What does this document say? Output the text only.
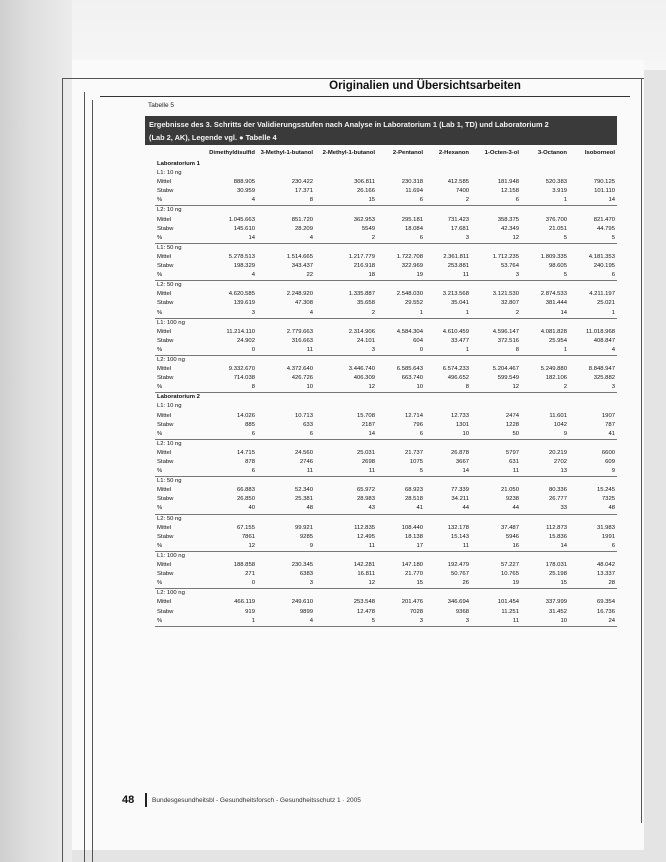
Originalien und Übersichtsarbeiten
Tabelle 5
Ergebnisse des 3. Schritts der Validierungsstufen nach Analyse in Laboratorium 1 (Lab 1, TD) und Laboratorium 2
(Lab 2, AK), Legende vgl. ● Tabelle 4
	Dimethyldisulfid	3-Methyl-1-butanol	2-Methyl-1-butanol	2-Pentanol	2-Hexanon	1-Octen-3-ol	3-Octanon	Isoborneol
Laboratorium 1								
L1: 10 ng								
Mittel	888.905	230.422	306.811	230.318	412.585	181.948	520.383	790.125
Stabw	30.959	17.371	26.166	11.694	7400	12.158	3.919	101.110
%	4	8	15	6	2	6	1	14
L2: 10 ng								
Mittel	1.045.663	851.720	362.953	295.181	731.423	358.375	376.700	821.470
Stabw	145.610	28.209	5549	18.084	17.681	42.349	21.051	44.795
%	14	4	2	6	3	12	5	5
L1: 50 ng								
Mittel	5.278.513	1.514.665	1.217.779	1.722.708	2.361.811	1.712.235	1.809.335	4.181.353
Stabw	198.329	343.437	216.918	322.969	253.881	53.764	98.605	240.195
%	4	22	18	19	11	3	5	6
L2: 50 ng								
Mittel	4.620.585	2.248.920	1.335.887	2.548.030	3.213.568	3.121.530	2.874.533	4.211.197
Stabw	139.619	47.308	35.658	29.552	35.041	32.807	381.444	25.021
%	3	4	2	1	1	2	14	1
L1: 100 ng								
Mittel	11.214.110	2.779.663	2.314.906	4.584.304	4.610.459	4.596.147	4.081.828	11.018.968
Stabw	24.902	316.663	24.101	604	33.477	372.516	25.954	408.847
%	0	11	3	0	1	8	1	4
L2: 100 ng								
Mittel	9.332.670	4.372.640	3.446.740	6.585.643	6.574.233	5.204.467	5.249.880	8.848.947
Stabw	714.038	426.726	406.309	663.740	496.652	599.549	182.106	325.882
%	8	10	12	10	8	12	2	3
Laboratorium 2								
L1: 10 ng								
Mittel	14.026	10.713	15.708	12.714	12.733	2474	11.601	1907
Stabw	885	633	2187	796	1301	1228	1042	787
%	6	6	14	6	10	50	9	41
L2: 10 ng								
Mittel	14.715	24.560	25.031	21.737	26.878	5797	20.219	6600
Stabw	878	2746	2698	1075	3667	631	2702	609
%	6	11	11	5	14	11	13	9
L1: 50 ng								
Mittel	66.883	52.340	65.972	68.923	77.339	21.050	80.336	15.245
Stabw	26.850	25.381	28.983	28.518	34.211	9238	26.777	7325
%	40	48	43	41	44	44	33	48
L2: 50 ng								
Mittel	67.155	99.921	112.835	108.440	132.178	37.487	112.873	31.983
Stabw	7861	9285	12.495	18.138	15.143	5946	15.836	1991
%	12	9	11	17	11	16	14	6
L1: 100 ng								
Mittel	188.858	230.345	142.281	147.180	192.479	57.227	178.031	48.042
Stabw	271	6383	16.811	21.770	50.767	10.765	25.198	13.337
%	0	3	12	15	26	19	15	28
L2: 100 ng								
Mittel	466.119	249.610	253.548	201.476	346.694	101.454	337.999	69.354
Stabw	919	9899	12.478	7028	9368	11.251	31.452	16.736
%	1	4	5	3	3	11	10	24
48	Bundesgesundheitsbl - Gesundheitsforsch - Gesundheitsschutz 1 · 2005
